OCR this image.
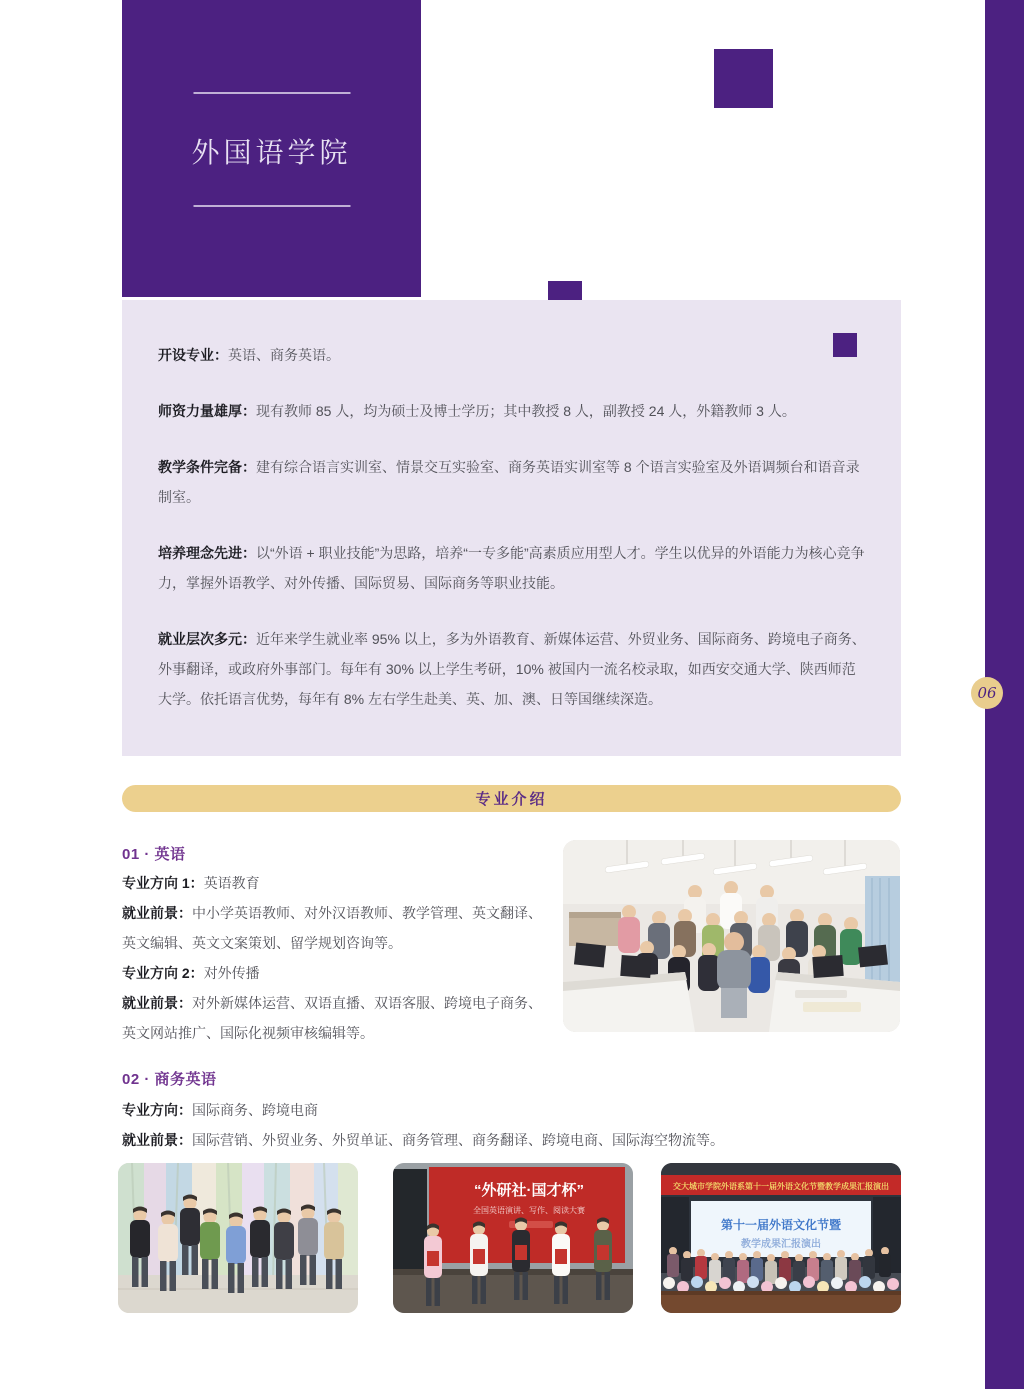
外国语学院
06

开设专业：英语、商务英语。

师资力量雄厚：现有教师 85 人，均为硕士及博士学历；其中教授 8 人，副教授 24 人，外籍教师 3 人。

教学条件完备：建有综合语言实训室、情景交互实验室、商务英语实训室等 8 个语言实验室及外语调频台和语音录制室。

培养理念先进：以“外语 + 职业技能”为思路，培养“一专多能”高素质应用型人才。学生以优异的外语能力为核心竞争力，掌握外语教学、对外传播、国际贸易、国际商务等职业技能。

就业层次多元：近年来学生就业率 95% 以上，多为外语教育、新媒体运营、外贸业务、国际商务、跨境电子商务、外事翻译，或政府外事部门。每年有 30% 以上学生考研，10% 被国内一流名校录取，如西安交通大学、陕西师范大学。依托语言优势，每年有 8% 左右学生赴美、英、加、澳、日等国继续深造。

专业介绍
01 · 英语

专业方向 1：英语教育

就业前景：中小学英语教师、对外汉语教师、教学管理、英文翻译、英文编辑、英文文案策划、留学规划咨询等。

专业方向 2：对外传播

就业前景：对外新媒体运营、双语直播、双语客服、跨境电子商务、英文网站推广、国际化视频审核编辑等。

02 · 商务英语

专业方向：国际商务、跨境电商

就业前景：国际营销、外贸业务、外贸单证、商务管理、商务翻译、跨境电商、国际海空物流等。

“外研社·国才杯”
全国英语演讲、写作、阅读大赛
交大城市学院外语系第十一届外语文化节暨教学成果汇报演出
第十一届外语文化节暨
教学成果汇报演出
